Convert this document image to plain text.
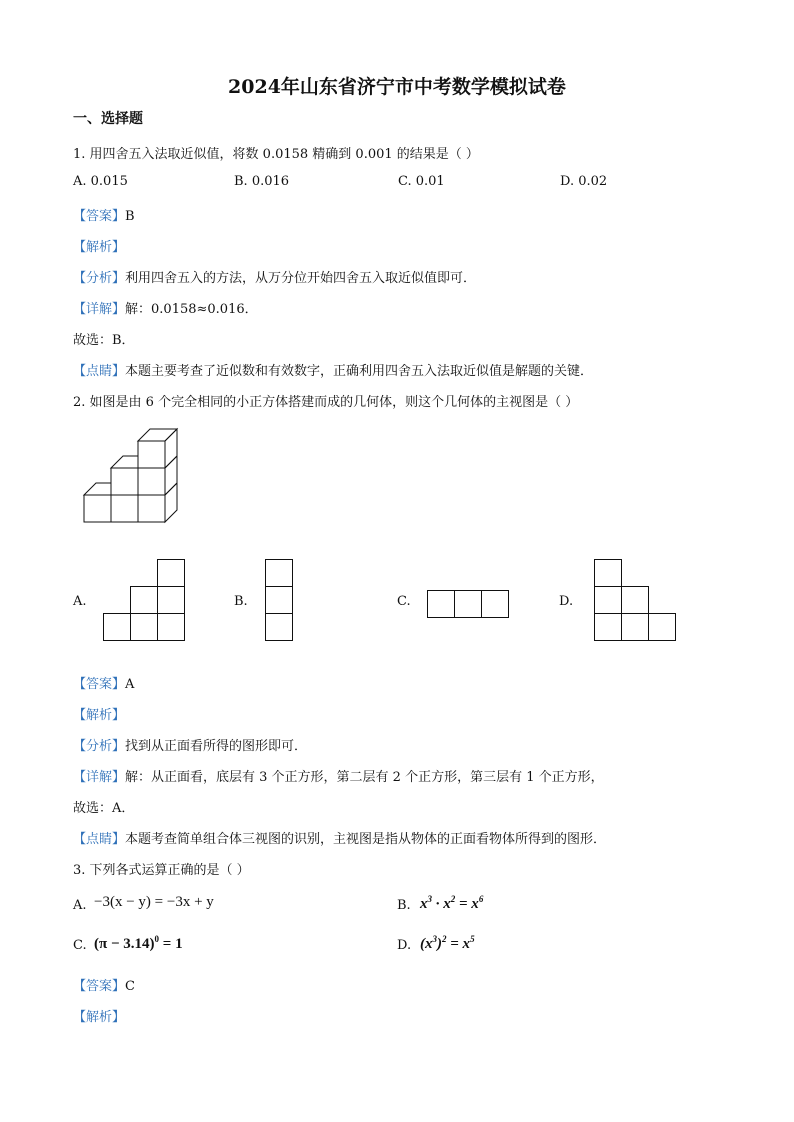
2024年山东省济宁市中考数学模拟试卷
一、选择题
1. 用四舍五入法取近似值，将数 0.0158 精确到 0.001 的结果是（ ）
A. 0.015	B. 0.016	C. 0.01	D. 0.02
【答案】B
【解析】
【分析】利用四舍五入的方法，从万分位开始四舍五入取近似值即可．
【详解】解：0.0158≈0.016．
故选：B．
【点睛】本题主要考查了近似数和有效数字，正确利用四舍五入法取近似值是解题的关键．
2. 如图是由 6 个完全相同的小正方体搭建而成的几何体，则这个几何体的主视图是（ ）
A.	B.	C.	D.
【答案】A
【解析】
【分析】找到从正面看所得的图形即可．
【详解】解：从正面看，底层有 3 个正方形，第二层有 2 个正方形，第三层有 1 个正方形，
故选：A．
【点睛】本题考查简单组合体三视图的识别，主视图是指从物体的正面看物体所得到的图形．
3. 下列各式运算正确的是（ ）
A. −3(x − y) = −3x + y	B. $x^3 \cdot x^2 = x^6$
C. $(\pi - 3.14)^0 = 1$	D. $(x^3)^2 = x^5$
【答案】C
【解析】
